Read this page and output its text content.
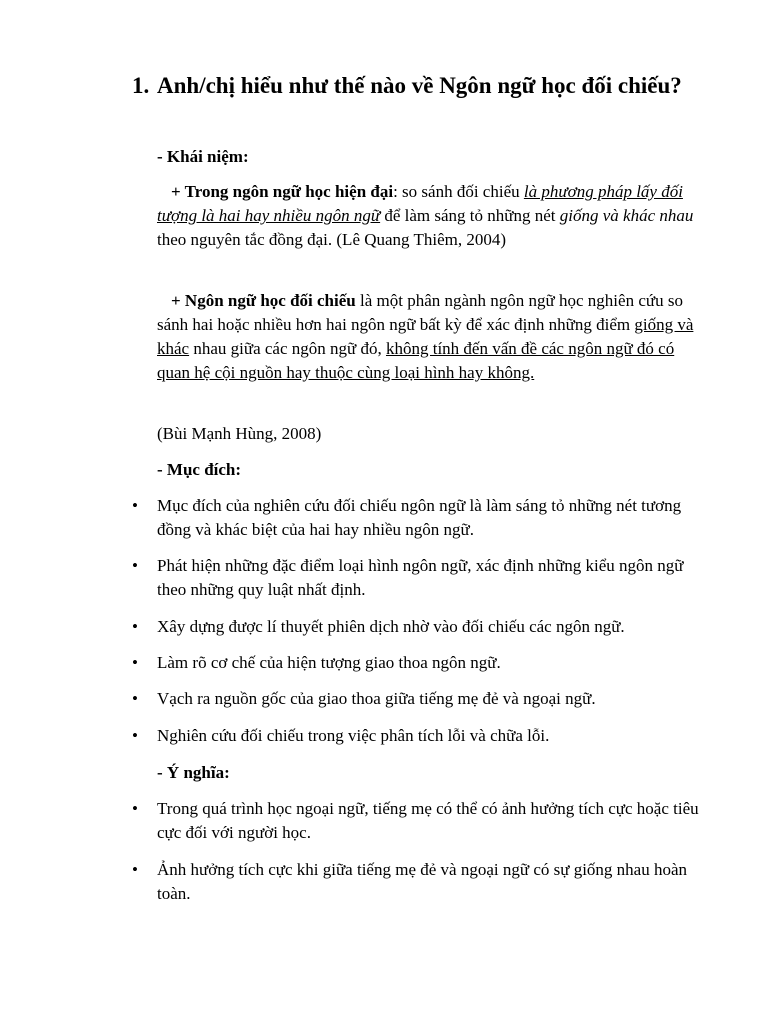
1. Anh/chị hiểu như thế nào về Ngôn ngữ học đối chiếu?
- Khái niệm:
+ Trong ngôn ngữ học hiện đại: so sánh đối chiếu là phương pháp lấy đối tượng là hai hay nhiều ngôn ngữ để làm sáng tỏ những nét giống và khác nhau theo nguyên tắc đồng đại. (Lê Quang Thiêm, 2004)
+ Ngôn ngữ học đối chiếu là một phân ngành ngôn ngữ học nghiên cứu so sánh hai hoặc nhiều hơn hai ngôn ngữ bất kỳ để xác định những điểm giống và khác nhau giữa các ngôn ngữ đó, không tính đến vấn đề các ngôn ngữ đó có quan hệ cội nguồn hay thuộc cùng loại hình hay không.
(Bùi Mạnh Hùng, 2008)
- Mục đích:
•	Mục đích của nghiên cứu đối chiếu ngôn ngữ là làm sáng tỏ những nét tương đồng và khác biệt của hai hay nhiều ngôn ngữ.
•	Phát hiện những đặc điểm loại hình ngôn ngữ, xác định những kiểu ngôn ngữ theo những quy luật nhất định.
•	Xây dựng được lí thuyết phiên dịch nhờ vào đối chiếu các ngôn ngữ.
•	Làm rõ cơ chế của hiện tượng giao thoa ngôn ngữ.
•	Vạch ra nguồn gốc của giao thoa giữa tiếng mẹ đẻ và ngoại ngữ.
•	Nghiên cứu đối chiếu trong việc phân tích lỗi và chữa lỗi.
- Ý nghĩa:
•	Trong quá trình học ngoại ngữ, tiếng mẹ có thể có ảnh hưởng tích cực hoặc tiêu cực đối với người học.
•	Ảnh hưởng tích cực khi giữa tiếng mẹ đẻ và ngoại ngữ có sự giống nhau hoàn toàn.
